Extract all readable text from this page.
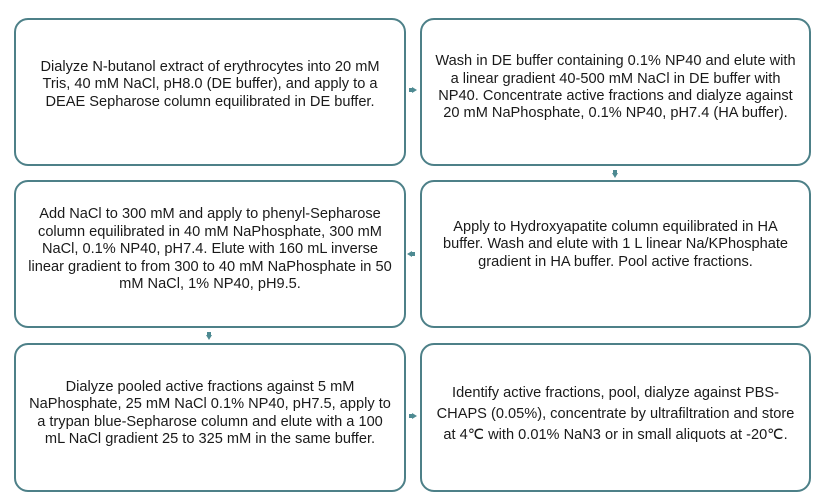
Dialyze N-butanol extract of erythrocytes into 20 mM Tris, 40 mM NaCl, pH8.0 (DE buffer), and apply to a DEAE Sepharose column equilibrated in DE buffer.
Wash in DE buffer containing 0.1% NP40 and elute with a linear gradient 40-500 mM NaCl in DE buffer with NP40. Concentrate active fractions and dialyze against 20 mM NaPhosphate, 0.1% NP40, pH7.4 (HA buffer).
Add NaCl to 300 mM and apply to phenyl-Sepharose column equilibrated in 40 mM NaPhosphate, 300 mM NaCl, 0.1% NP40, pH7.4. Elute with 160 mL inverse linear gradient to from 300 to 40 mM NaPhosphate in 50 mM NaCl, 1% NP40, pH9.5.
Apply to Hydroxyapatite column equilibrated in HA buffer. Wash and elute with 1 L linear Na/KPhosphate gradient in HA buffer. Pool active fractions.
Dialyze pooled active fractions against 5 mM NaPhosphate, 25 mM NaCl 0.1% NP40, pH7.5, apply to a trypan blue-Sepharose column and elute with a 100 mL NaCl gradient 25 to 325 mM in the same buffer.
Identify active fractions, pool, dialyze against PBS-CHAPS (0.05%), concentrate by ultrafiltration and store at 4℃ with 0.01% NaN3 or in small aliquots at -20℃.
